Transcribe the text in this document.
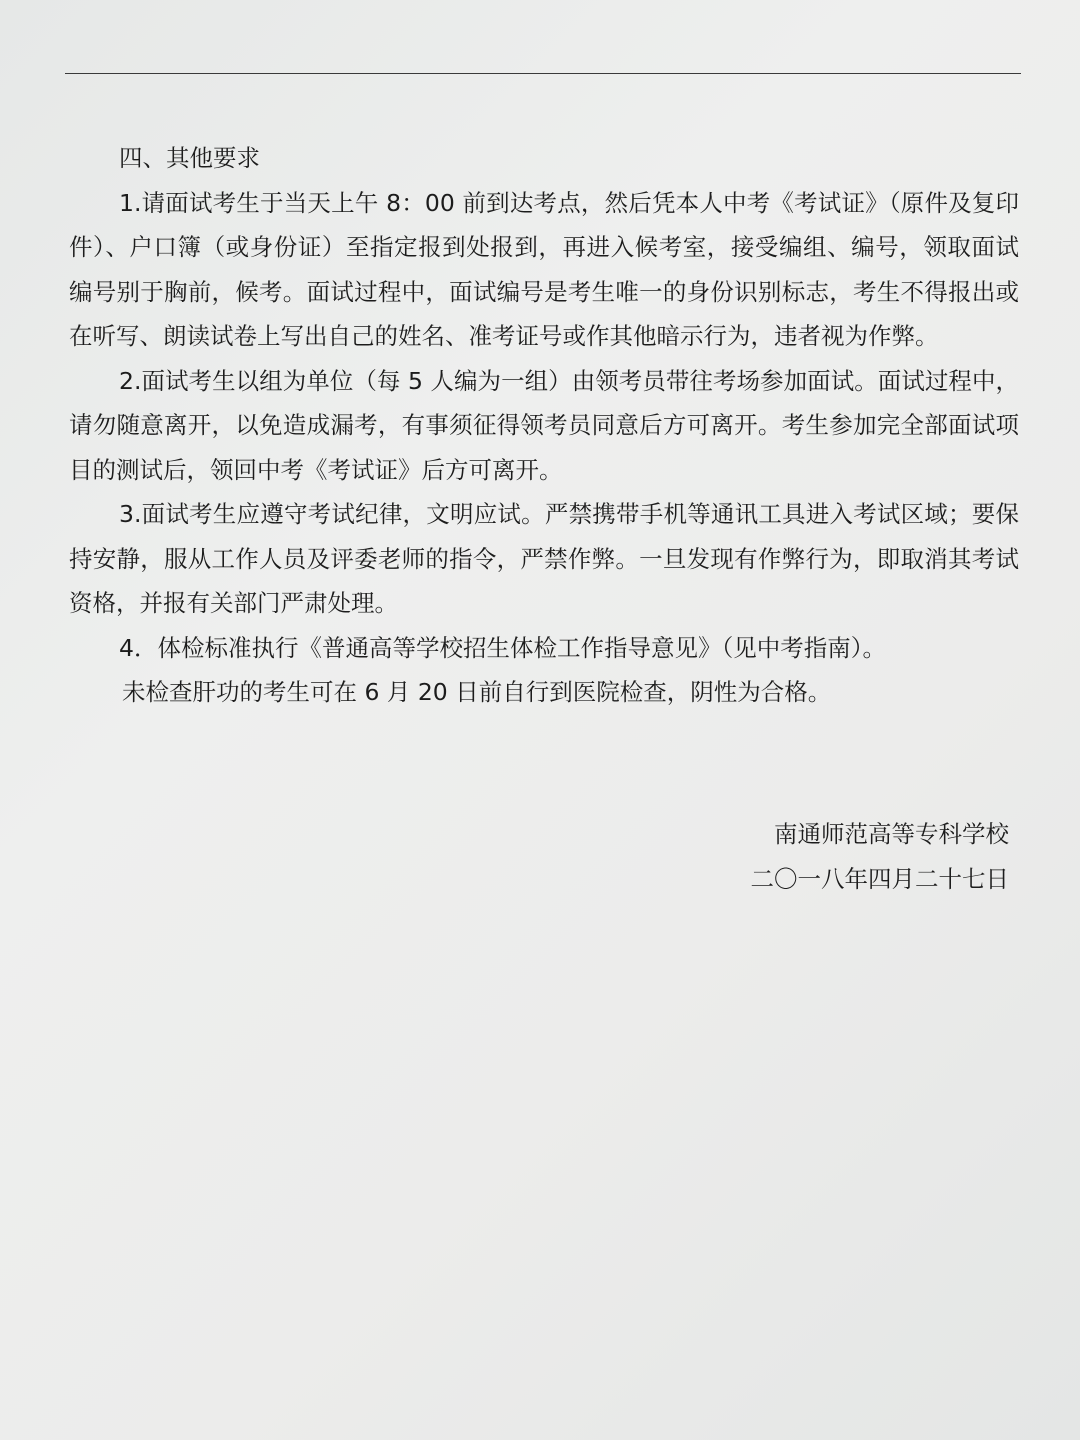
四、其他要求

1.请面试考生于当天上午 8：00 前到达考点，然后凭本人中考《考试证》（原件及复印件）、户口簿（或身份证）至指定报到处报到，再进入候考室，接受编组、编号，领取面试编号别于胸前，候考。面试过程中，面试编号是考生唯一的身份识别标志，考生不得报出或在听写、朗读试卷上写出自己的姓名、准考证号或作其他暗示行为，违者视为作弊。

2.面试考生以组为单位（每 5 人编为一组）由领考员带往考场参加面试。面试过程中，请勿随意离开，以免造成漏考，有事须征得领考员同意后方可离开。考生参加完全部面试项目的测试后，领回中考《考试证》后方可离开。

3.面试考生应遵守考试纪律，文明应试。严禁携带手机等通讯工具进入考试区域；要保持安静，服从工作人员及评委老师的指令，严禁作弊。一旦发现有作弊行为，即取消其考试资格，并报有关部门严肃处理。

4．体检标准执行《普通高等学校招生体检工作指导意见》（见中考指南）。

未检查肝功的考生可在 6 月 20 日前自行到医院检查，阴性为合格。

南通师范高等专科学校
二〇一八年四月二十七日
